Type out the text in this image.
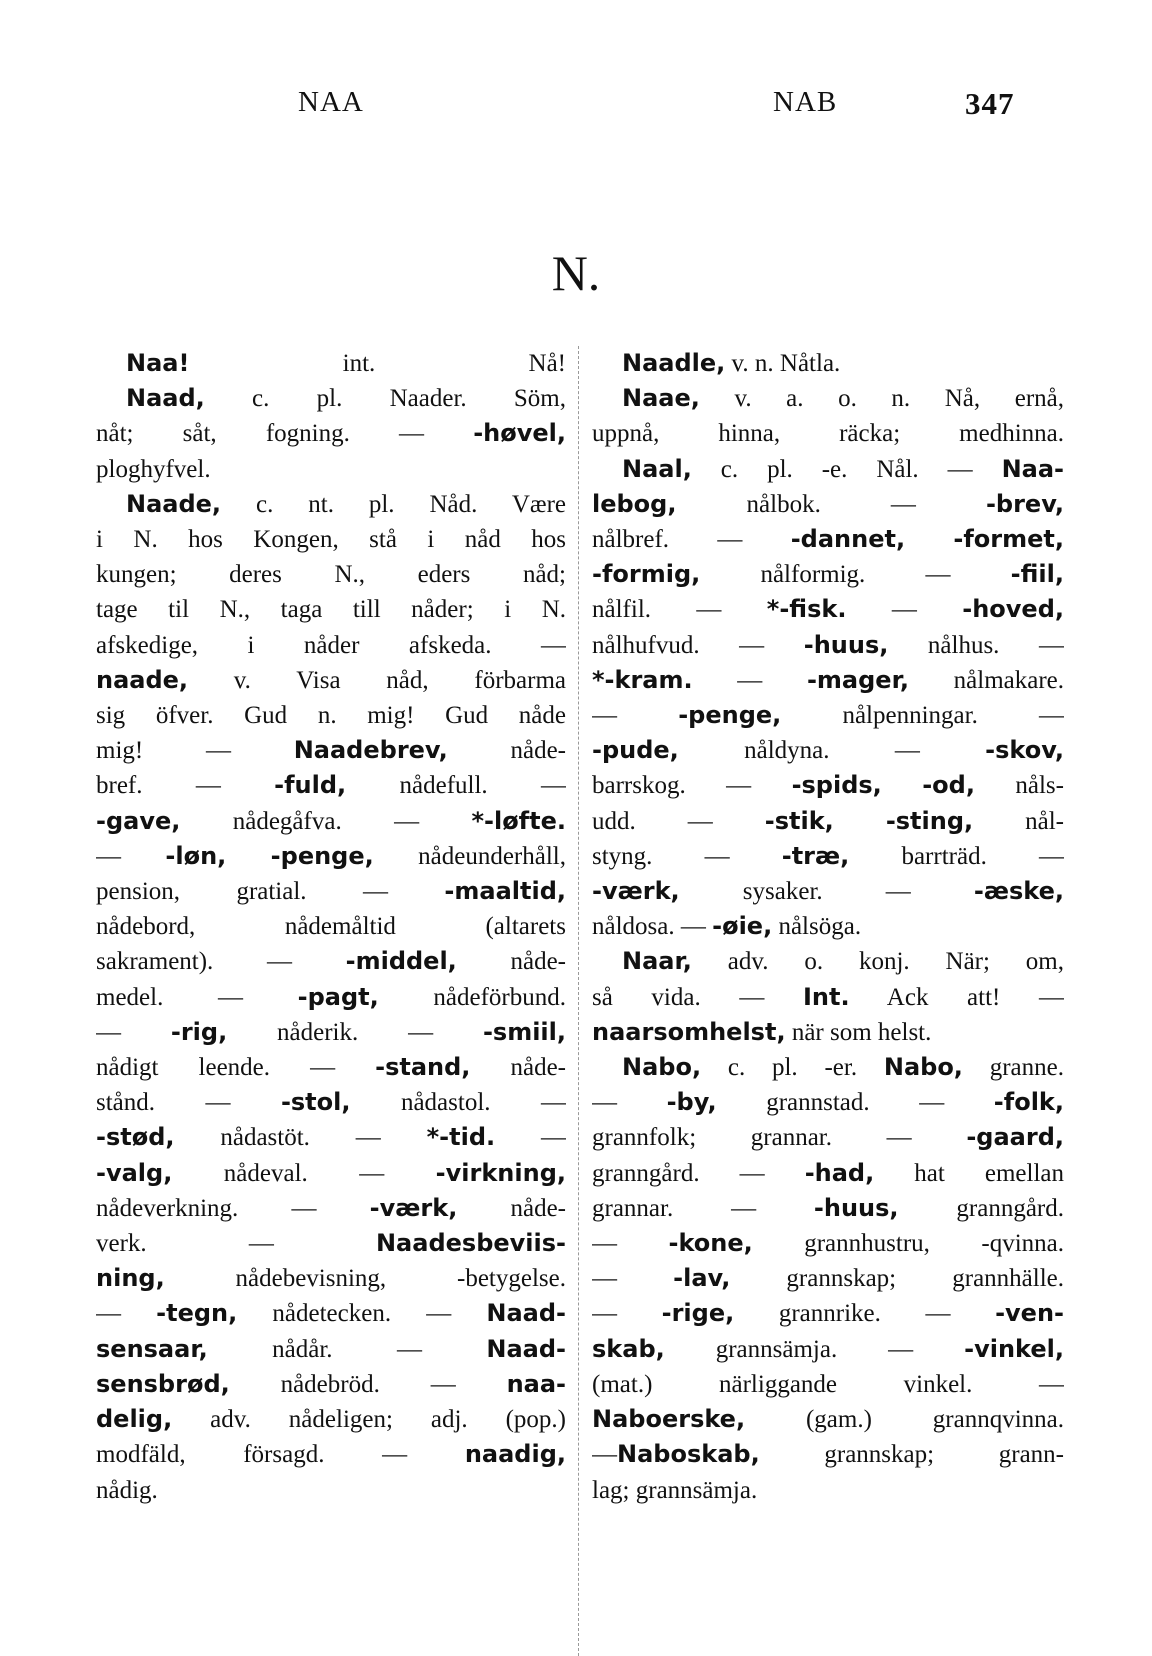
NAA	NAB	347
N.
Naa! int. Nå!
Naad, c. pl. Naader. Söm,
nåt; såt, fogning. — -høvel,
ploghyfvel.
Naade, c. nt. pl. Nåd. Være
i N. hos Kongen, stå i nåd hos
kungen; deres N., eders nåd;
tage til N., taga till nåder; i N.
afskedige, i nåder afskeda. —
naade, v. Visa nåd, förbarma
sig öfver. Gud n. mig! Gud nåde
mig! — Naadebrev, nåde-
bref. — -fuld, nådefull. —
-gave, nådegåfva. — *-løfte.
— -løn, -penge, nådeunderhåll,
pension, gratial. — -maaltid,
nådebord, nådemåltid (altarets
sakrament). — -middel, nåde-
medel. — -pagt, nådeförbund.
— -rig, nåderik. — -smiil,
nådigt leende. — -stand, nåde-
stånd. — -stol, nådastol. —
-stød, nådastöt. — *-tid. —
-valg, nådeval. — -virkning,
nådeverkning. — -værk, nåde-
verk. — Naadesbeviis-
ning, nådebevisning, -betygelse.
— -tegn, nådetecken. — Naad-
sensaar, nådår. — Naad-
sensbrød, nådebröd. — naa-
delig, adv. nådeligen; adj. (pop.)
modfäld, försagd. — naadig,
nådig.
Naadle, v. n. Nåtla.
Naae, v. a. o. n. Nå, ernå,
uppnå, hinna, räcka; medhinna.
Naal, c. pl. -e. Nål. — Naa-
lebog, nålbok. — -brev,
nålbref. — -dannet, -formet,
-formig, nålformig. — -fiil,
nålfil. — *-fisk. — -hoved,
nålhufvud. — -huus, nålhus. —
*-kram. — -mager, nålmakare.
— -penge, nålpenningar. —
-pude, nåldyna. — -skov,
barrskog. — -spids, -od, nåls-
udd. — -stik, -sting, nål-
styng. — -træ, barrträd. —
-værk, sysaker. — -æske,
nåldosa. — -øie, nålsöga.
Naar, adv. o. konj. När; om,
så vida. — Int. Ack att! —
naarsomhelst, när som helst.
Nabo, c. pl. -er. Nabo, granne.
— -by, grannstad. — -folk,
grannfolk; grannar. — -gaard,
granngård. — -had, hat emellan
grannar. — -huus, granngård.
— -kone, grannhustru, -qvinna.
— -lav, grannskap; grannhälle.
— -rige, grannrike. — -ven-
skab, grannsämja. — -vinkel,
(mat.) närliggande vinkel. —
Naboerske, (gam.) grannqvinna.
—Naboskab, grannskap; grann-
lag; grannsämja.
